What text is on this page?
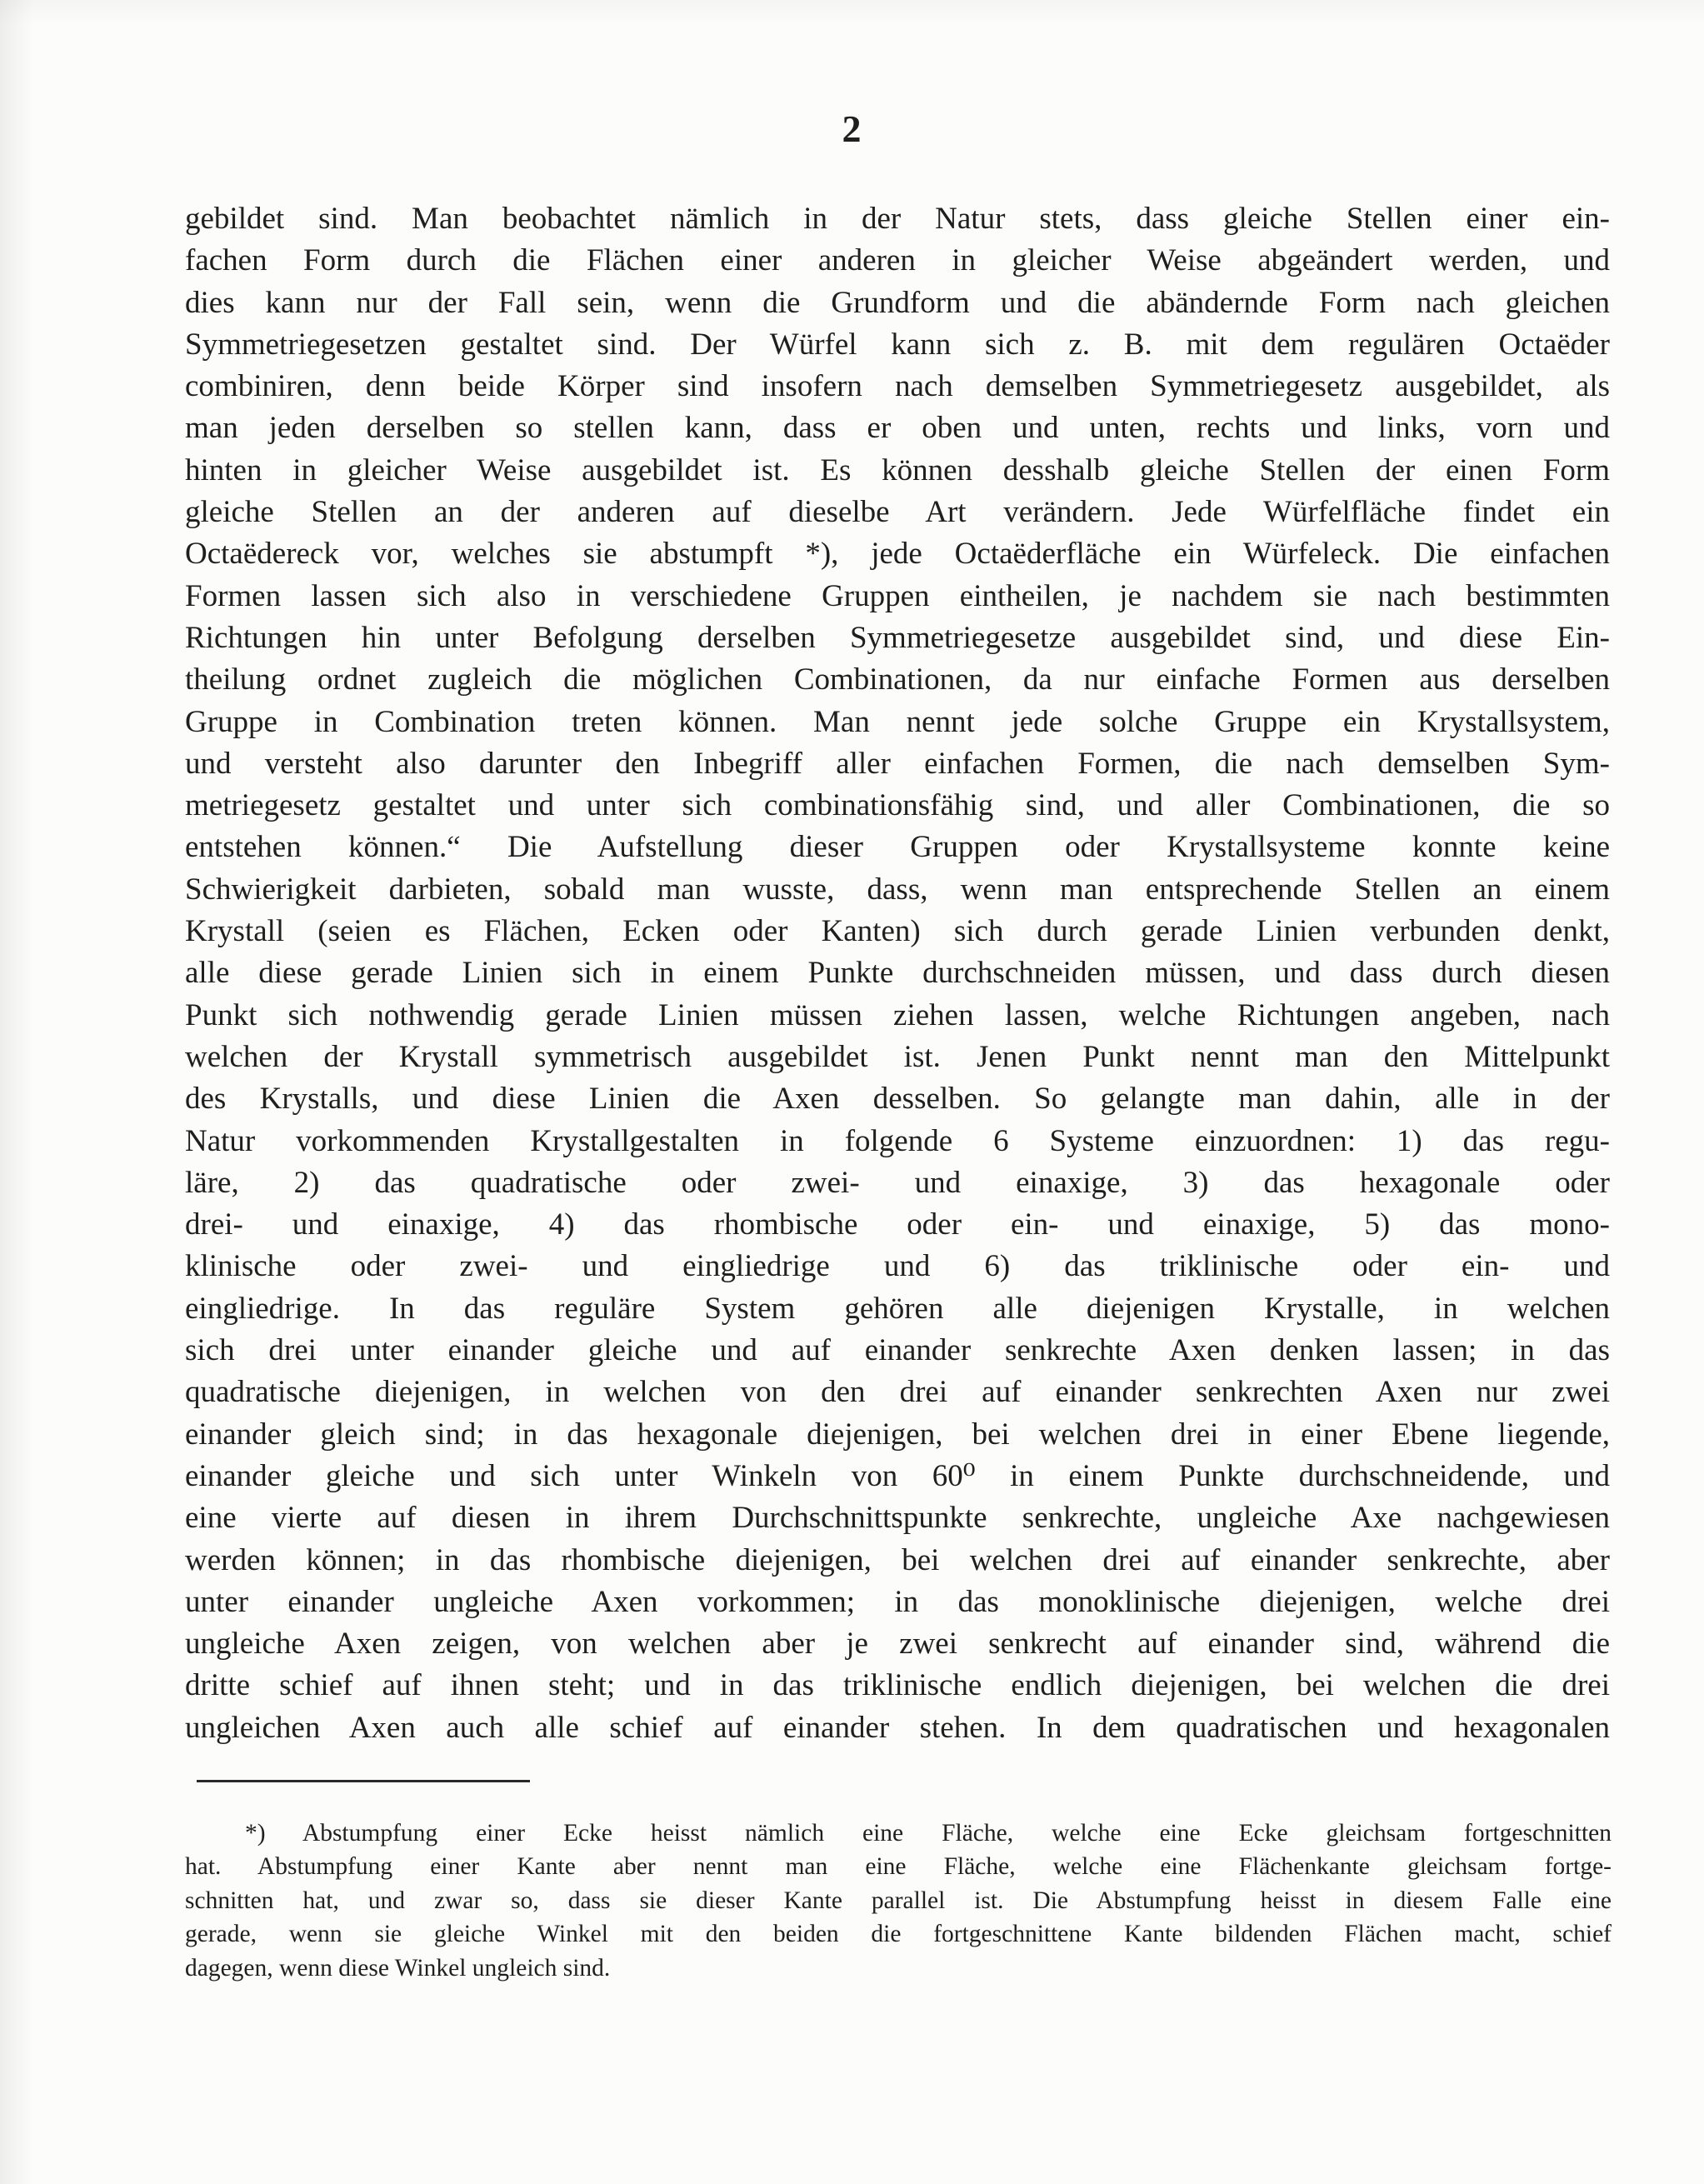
2
gebildet sind. Man beobachtet nämlich in der Natur stets, dass gleiche Stellen einer ein-
fachen Form durch die Flächen einer anderen in gleicher Weise abgeändert werden, und
dies kann nur der Fall sein, wenn die Grundform und die abändernde Form nach gleichen
Symmetriegesetzen gestaltet sind. Der Würfel kann sich z. B. mit dem regulären Octaëder
combiniren, denn beide Körper sind insofern nach demselben Symmetriegesetz ausgebildet, als
man jeden derselben so stellen kann, dass er oben und unten, rechts und links, vorn und
hinten in gleicher Weise ausgebildet ist. Es können desshalb gleiche Stellen der einen Form
gleiche Stellen an der anderen auf dieselbe Art verändern. Jede Würfelfläche findet ein
Octaëdereck vor, welches sie abstumpft *), jede Octaëderfläche ein Würfeleck. Die einfachen
Formen lassen sich also in verschiedene Gruppen eintheilen, je nachdem sie nach bestimmten
Richtungen hin unter Befolgung derselben Symmetriegesetze ausgebildet sind, und diese Ein-
theilung ordnet zugleich die möglichen Combinationen, da nur einfache Formen aus derselben
Gruppe in Combination treten können. Man nennt jede solche Gruppe ein Krystallsystem,
und versteht also darunter den Inbegriff aller einfachen Formen, die nach demselben Sym-
metriegesetz gestaltet und unter sich combinationsfähig sind, und aller Combinationen, die so
entstehen können.“ Die Aufstellung dieser Gruppen oder Krystallsysteme konnte keine
Schwierigkeit darbieten, sobald man wusste, dass, wenn man entsprechende Stellen an einem
Krystall (seien es Flächen, Ecken oder Kanten) sich durch gerade Linien verbunden denkt,
alle diese gerade Linien sich in einem Punkte durchschneiden müssen, und dass durch diesen
Punkt sich nothwendig gerade Linien müssen ziehen lassen, welche Richtungen angeben, nach
welchen der Krystall symmetrisch ausgebildet ist. Jenen Punkt nennt man den Mittelpunkt
des Krystalls, und diese Linien die Axen desselben. So gelangte man dahin, alle in der
Natur vorkommenden Krystallgestalten in folgende 6 Systeme einzuordnen: 1) das regu-
läre, 2) das quadratische oder zwei- und einaxige, 3) das hexagonale oder
drei- und einaxige, 4) das rhombische oder ein- und einaxige, 5) das mono-
klinische oder zwei- und eingliedrige und 6) das triklinische oder ein- und
eingliedrige. In das reguläre System gehören alle diejenigen Krystalle, in welchen
sich drei unter einander gleiche und auf einander senkrechte Axen denken lassen; in das
quadratische diejenigen, in welchen von den drei auf einander senkrechten Axen nur zwei
einander gleich sind; in das hexagonale diejenigen, bei welchen drei in einer Ebene liegende,
einander gleiche und sich unter Winkeln von 60⁰ in einem Punkte durchschneidende, und
eine vierte auf diesen in ihrem Durchschnittspunkte senkrechte, ungleiche Axe nachgewiesen
werden können; in das rhombische diejenigen, bei welchen drei auf einander senkrechte, aber
unter einander ungleiche Axen vorkommen; in das monoklinische diejenigen, welche drei
ungleiche Axen zeigen, von welchen aber je zwei senkrecht auf einander sind, während die
dritte schief auf ihnen steht; und in das triklinische endlich diejenigen, bei welchen die drei
ungleichen Axen auch alle schief auf einander stehen. In dem quadratischen und hexagonalen
*) Abstumpfung einer Ecke heisst nämlich eine Fläche, welche eine Ecke gleichsam fortgeschnitten
hat. Abstumpfung einer Kante aber nennt man eine Fläche, welche eine Flächenkante gleichsam fortge-
schnitten hat, und zwar so, dass sie dieser Kante parallel ist. Die Abstumpfung heisst in diesem Falle eine
gerade, wenn sie gleiche Winkel mit den beiden die fortgeschnittene Kante bildenden Flächen macht, schief
dagegen, wenn diese Winkel ungleich sind.
